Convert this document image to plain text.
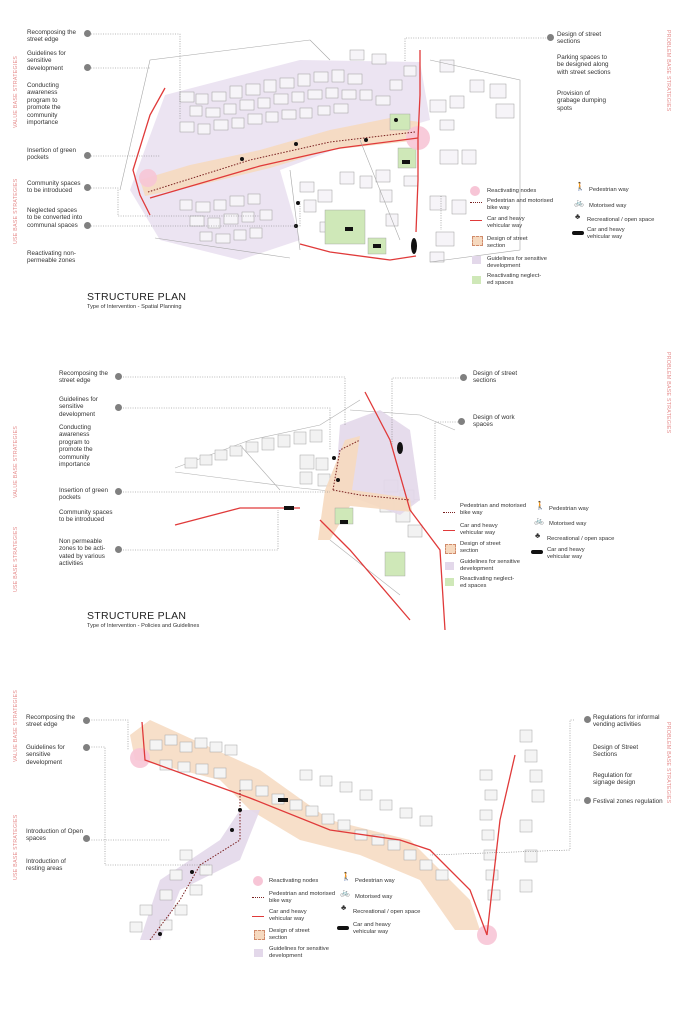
VALUE BASE STRATEGIES
USE BASE STRATEGIES
PROBLEM BASE STRATEGIES
Recomposing the street edge
Guidelines for sensitive development
Conducting awareness program to promote the community importance
Insertion of green pockets
Community spaces to be introduced
Neglected spaces to be converted into communal spaces
Reactivating non-permeable zones
Design of street sections
Parking spaces to be designed along with street sections
Provision of grabage dumping spots
Reactivating nodes
Pedestrian and motorised bike way
Car and heavy vehicular way
Design of street section
Guidelines for sensitive development
Reactivating neglect- ed spaces
🚶 Pedestrian way
🚲 Motorised way
♣ Recreational / open space
Car and heavy vehicular way
STRUCTURE PLAN
Type of Intervention - Spatial Planning
VALUE BASE STRATEGIES
USE BASE STRATEGIES
PROBLEM BASE STRATEGIES
Recomposing the street edge
Guidelines for sensitive development
Conducting awareness program to promote the community importance
Insertion of green pockets
Community spaces to be introduced
Non permeable zones to be acti- vated by various activities
Design of street sections
Design of work spaces
Pedestrian and motorised bike way
Car and heavy vehicular way
Design of street section
Guidelines for sensitive development
Reactivating neglect- ed spaces
🚶 Pedestrian way
🚲 Motorised way
♣ Recreational / open space
Car and heavy vehicular way
STRUCTURE PLAN
Type of Intervention - Policies and Guidelines
VALUE BASE STRATEGIES
USE BASE STRATEGIES
PROBLEM BASE STRATEGIES
Recomposing the street edge
Guidelines for sensitive development
Introduction of Open spaces
Introduction of resting areas
Regulations for informal vending activities
Design of Street Sections
Regulation for signage design
Festival zones regulation
Reactivating nodes
Pedestrian and motorised bike way
Car and heavy vehicular way
Design of street section
Guidelines for sensitive development
🚶 Pedestrian way
🚲 Motorised way
♣ Recreational / open space
Car and heavy vehicular way
